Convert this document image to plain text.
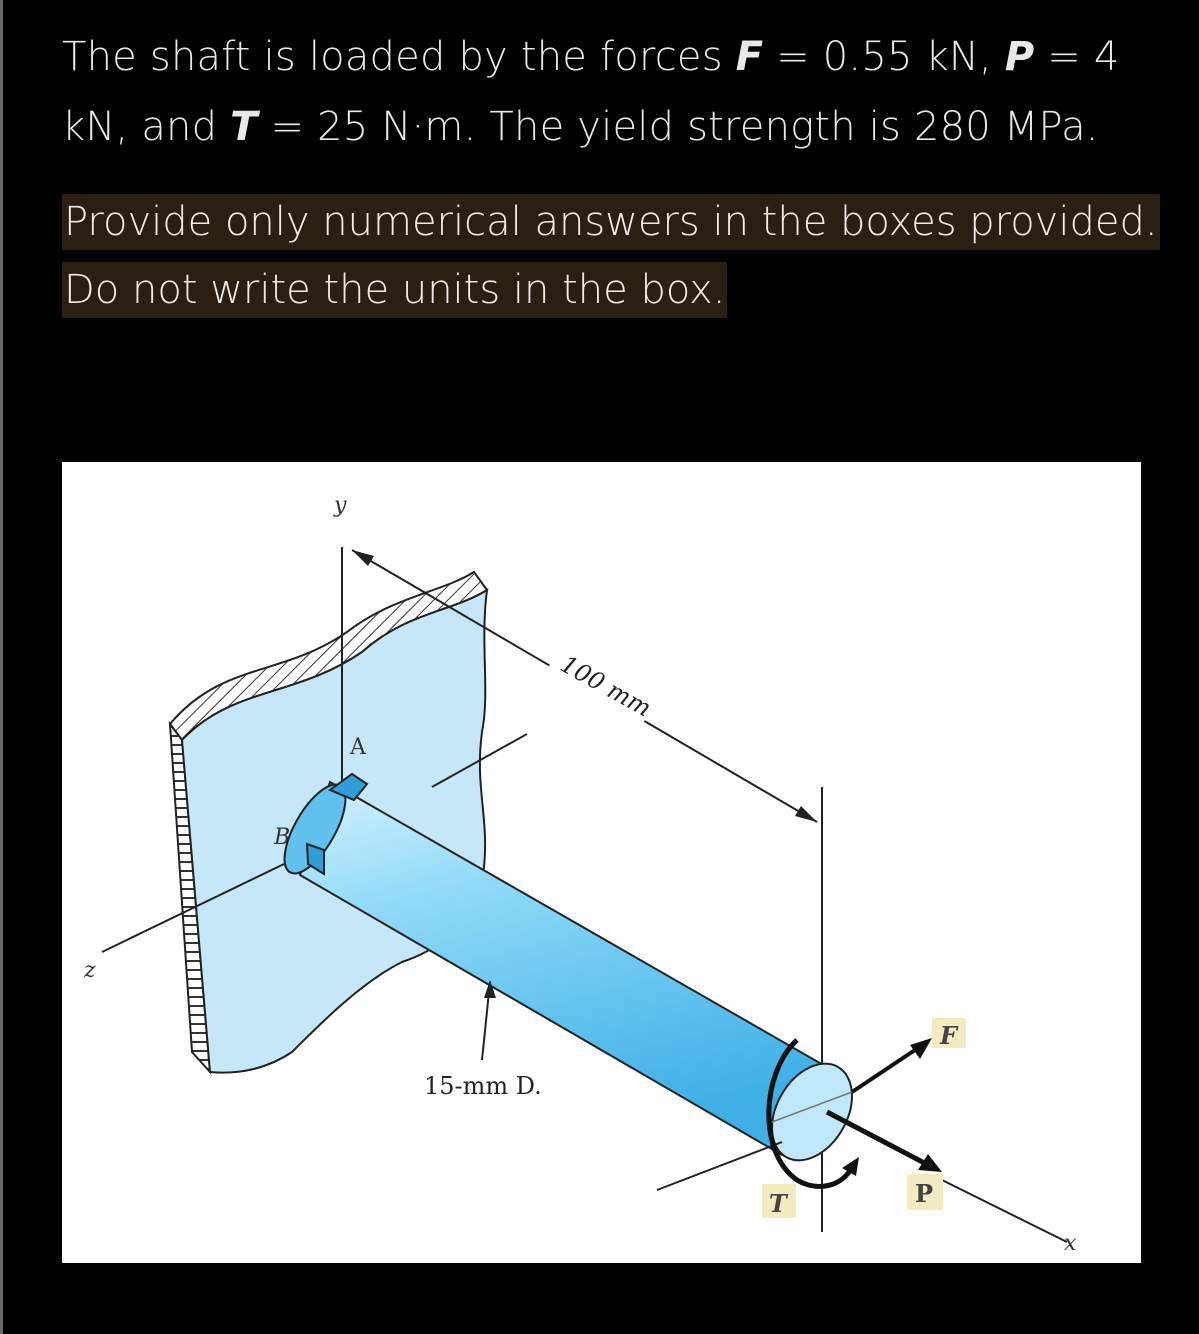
The shaft is loaded by the forces F = 0.55 kN, P = 4
kN, and T = 25 N·m. The yield strength is 280 MPa.
Provide only numerical answers in the boxes provided.
Do not write the units in the box.
y
z
100 mm
A
B
x
F
P
T
15-mm D.
